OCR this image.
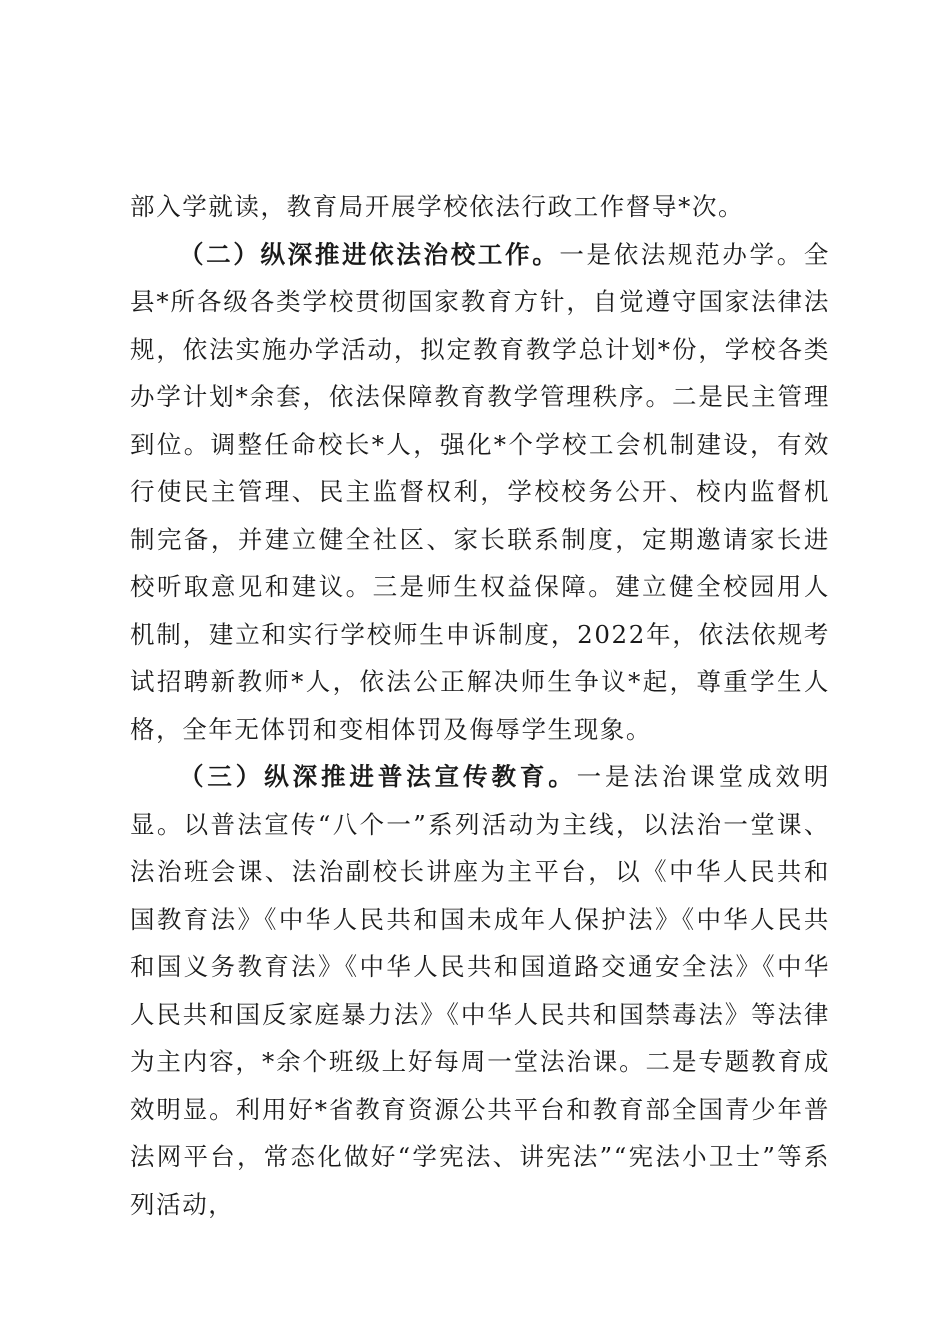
部入学就读，教育局开展学校依法行政工作督导*次。

（二）纵深推进依法治校工作。一是依法规范办学。全县*所各级各类学校贯彻国家教育方针，自觉遵守国家法律法规，依法实施办学活动，拟定教育教学总计划*份，学校各类办学计划*余套，依法保障教育教学管理秩序。二是民主管理到位。调整任命校长*人，强化*个学校工会机制建设，有效行使民主管理、民主监督权利，学校校务公开、校内监督机制完备，并建立健全社区、家长联系制度，定期邀请家长进校听取意见和建议。三是师生权益保障。建立健全校园用人机制，建立和实行学校师生申诉制度，2022年，依法依规考试招聘新教师*人，依法公正解决师生争议*起，尊重学生人格，全年无体罚和变相体罚及侮辱学生现象。

（三）纵深推进普法宣传教育。一是法治课堂成效明显。以普法宣传“八个一”系列活动为主线，以法治一堂课、法治班会课、法治副校长讲座为主平台，以《中华人民共和国教育法》《中华人民共和国未成年人保护法》《中华人民共和国义务教育法》《中华人民共和国道路交通安全法》《中华人民共和国反家庭暴力法》《中华人民共和国禁毒法》等法律为主内容，*余个班级上好每周一堂法治课。二是专题教育成效明显。利用好*省教育资源公共平台和教育部全国青少年普法网平台，常态化做好“学宪法、讲宪法”“宪法小卫士”等系列活动，
